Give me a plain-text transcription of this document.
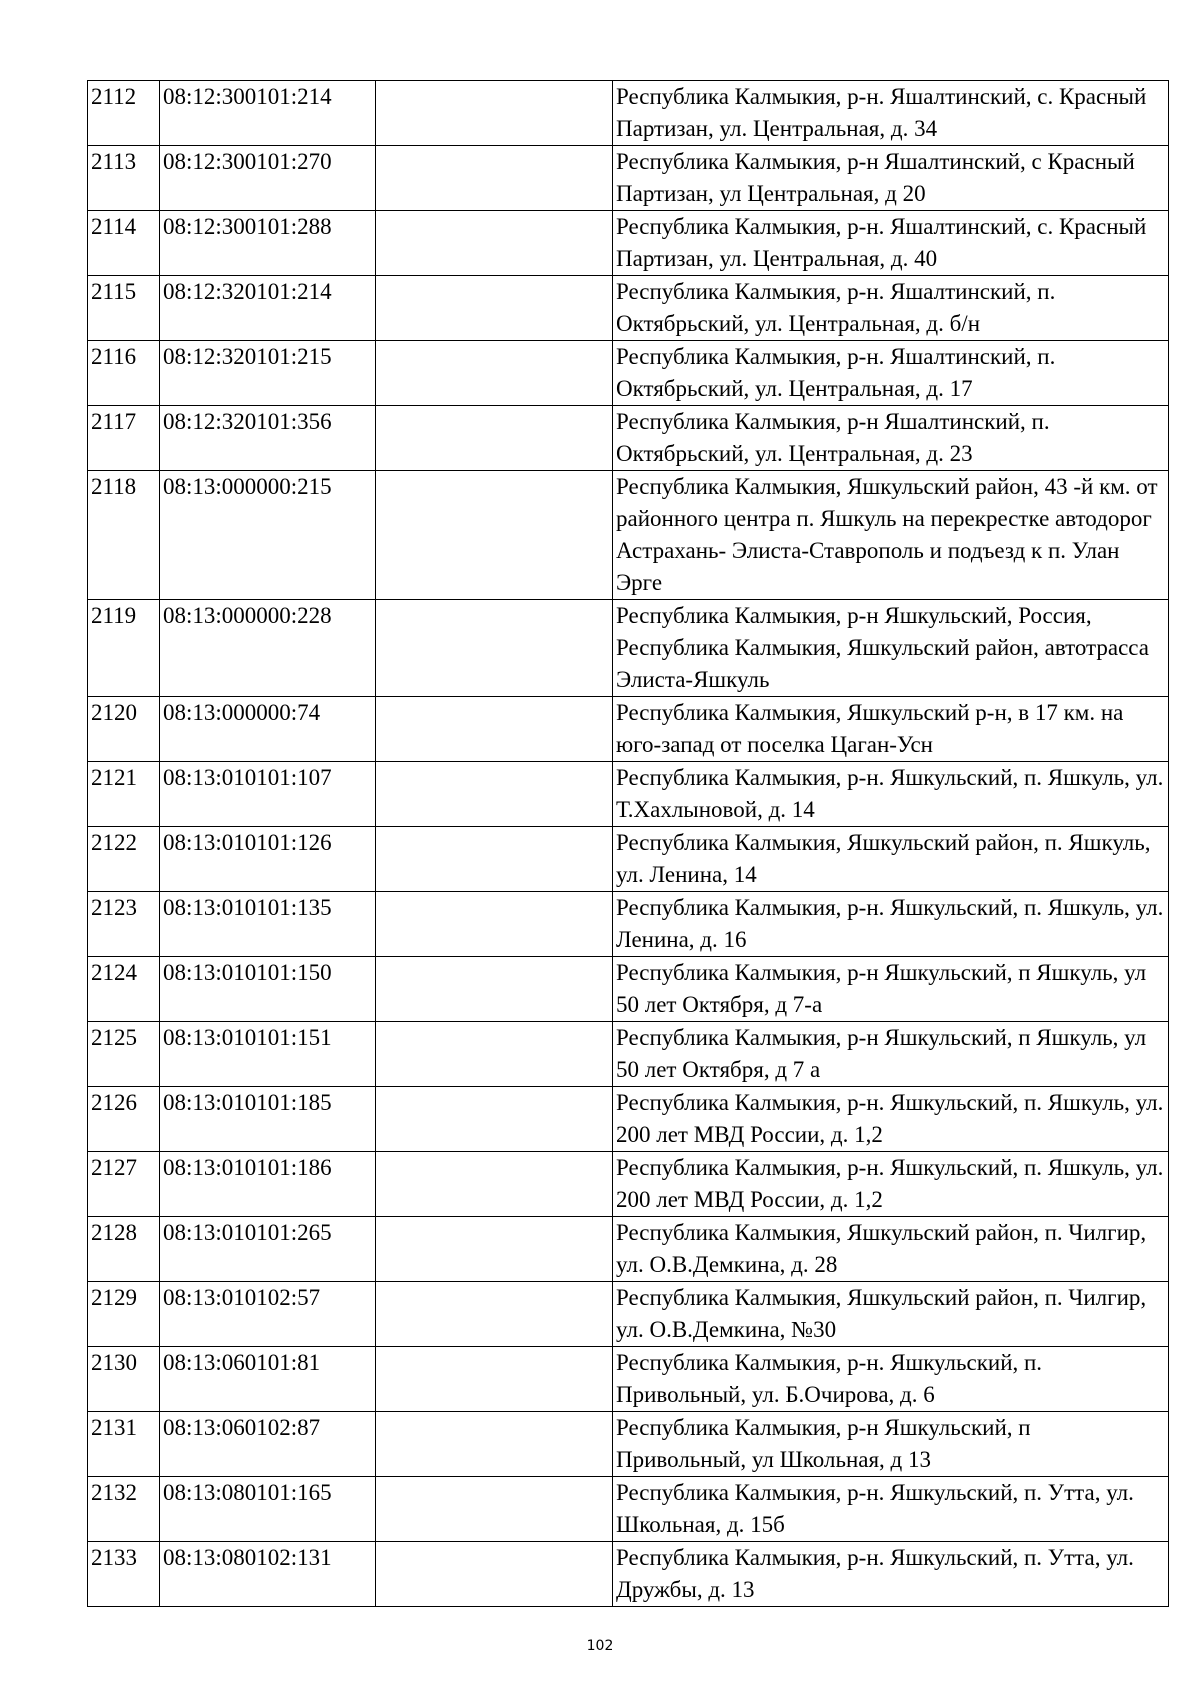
2112	08:12:300101:214		Республика Калмыкия, р-н. Яшалтинский, с. Красный Партизан, ул. Центральная, д. 34
2113	08:12:300101:270		Республика Калмыкия, р-н Яшалтинский, с Красный Партизан, ул Центральная, д 20
2114	08:12:300101:288		Республика Калмыкия, р-н. Яшалтинский, с. Красный Партизан, ул. Центральная, д. 40
2115	08:12:320101:214		Республика Калмыкия, р-н. Яшалтинский, п. Октябрьский, ул. Центральная, д. б/н
2116	08:12:320101:215		Республика Калмыкия, р-н. Яшалтинский, п. Октябрьский, ул. Центральная, д. 17
2117	08:12:320101:356		Республика Калмыкия, р-н Яшалтинский, п. Октябрьский, ул. Центральная, д. 23
2118	08:13:000000:215		Республика Калмыкия, Яшкульский район, 43 -й км. от районного центра п. Яшкуль на перекрестке автодорог Астрахань- Элиста-Ставрополь и подъезд к п. Улан Эрге
2119	08:13:000000:228		Республика Калмыкия, р-н Яшкульский, Россия, Республика Калмыкия, Яшкульский район, автотрасса Элиста-Яшкуль
2120	08:13:000000:74		Республика Калмыкия, Яшкульский р-н, в 17 км. на юго-запад от поселка Цаган-Усн
2121	08:13:010101:107		Республика Калмыкия, р-н. Яшкульский, п. Яшкуль, ул. Т.Хахлыновой, д. 14
2122	08:13:010101:126		Республика Калмыкия, Яшкульский район, п. Яшкуль, ул. Ленина, 14
2123	08:13:010101:135		Республика Калмыкия, р-н. Яшкульский, п. Яшкуль, ул. Ленина, д. 16
2124	08:13:010101:150		Республика Калмыкия, р-н Яшкульский, п Яшкуль, ул 50 лет Октября, д 7-а
2125	08:13:010101:151		Республика Калмыкия, р-н Яшкульский, п Яшкуль, ул 50 лет Октября, д 7 а
2126	08:13:010101:185		Республика Калмыкия, р-н. Яшкульский, п. Яшкуль, ул. 200 лет МВД России, д. 1,2
2127	08:13:010101:186		Республика Калмыкия, р-н. Яшкульский, п. Яшкуль, ул. 200 лет МВД России, д. 1,2
2128	08:13:010101:265		Республика Калмыкия, Яшкульский район, п. Чилгир, ул. О.В.Демкина, д. 28
2129	08:13:010102:57		Республика Калмыкия, Яшкульский район, п. Чилгир, ул. О.В.Демкина, №30
2130	08:13:060101:81		Республика Калмыкия, р-н. Яшкульский, п. Привольный, ул. Б.Очирова, д. 6
2131	08:13:060102:87		Республика Калмыкия, р-н Яшкульский, п Привольный, ул Школьная, д 13
2132	08:13:080101:165		Республика Калмыкия, р-н. Яшкульский, п. Утта, ул. Школьная, д. 15б
2133	08:13:080102:131		Республика Калмыкия, р-н. Яшкульский, п. Утта, ул. Дружбы, д. 13
102
